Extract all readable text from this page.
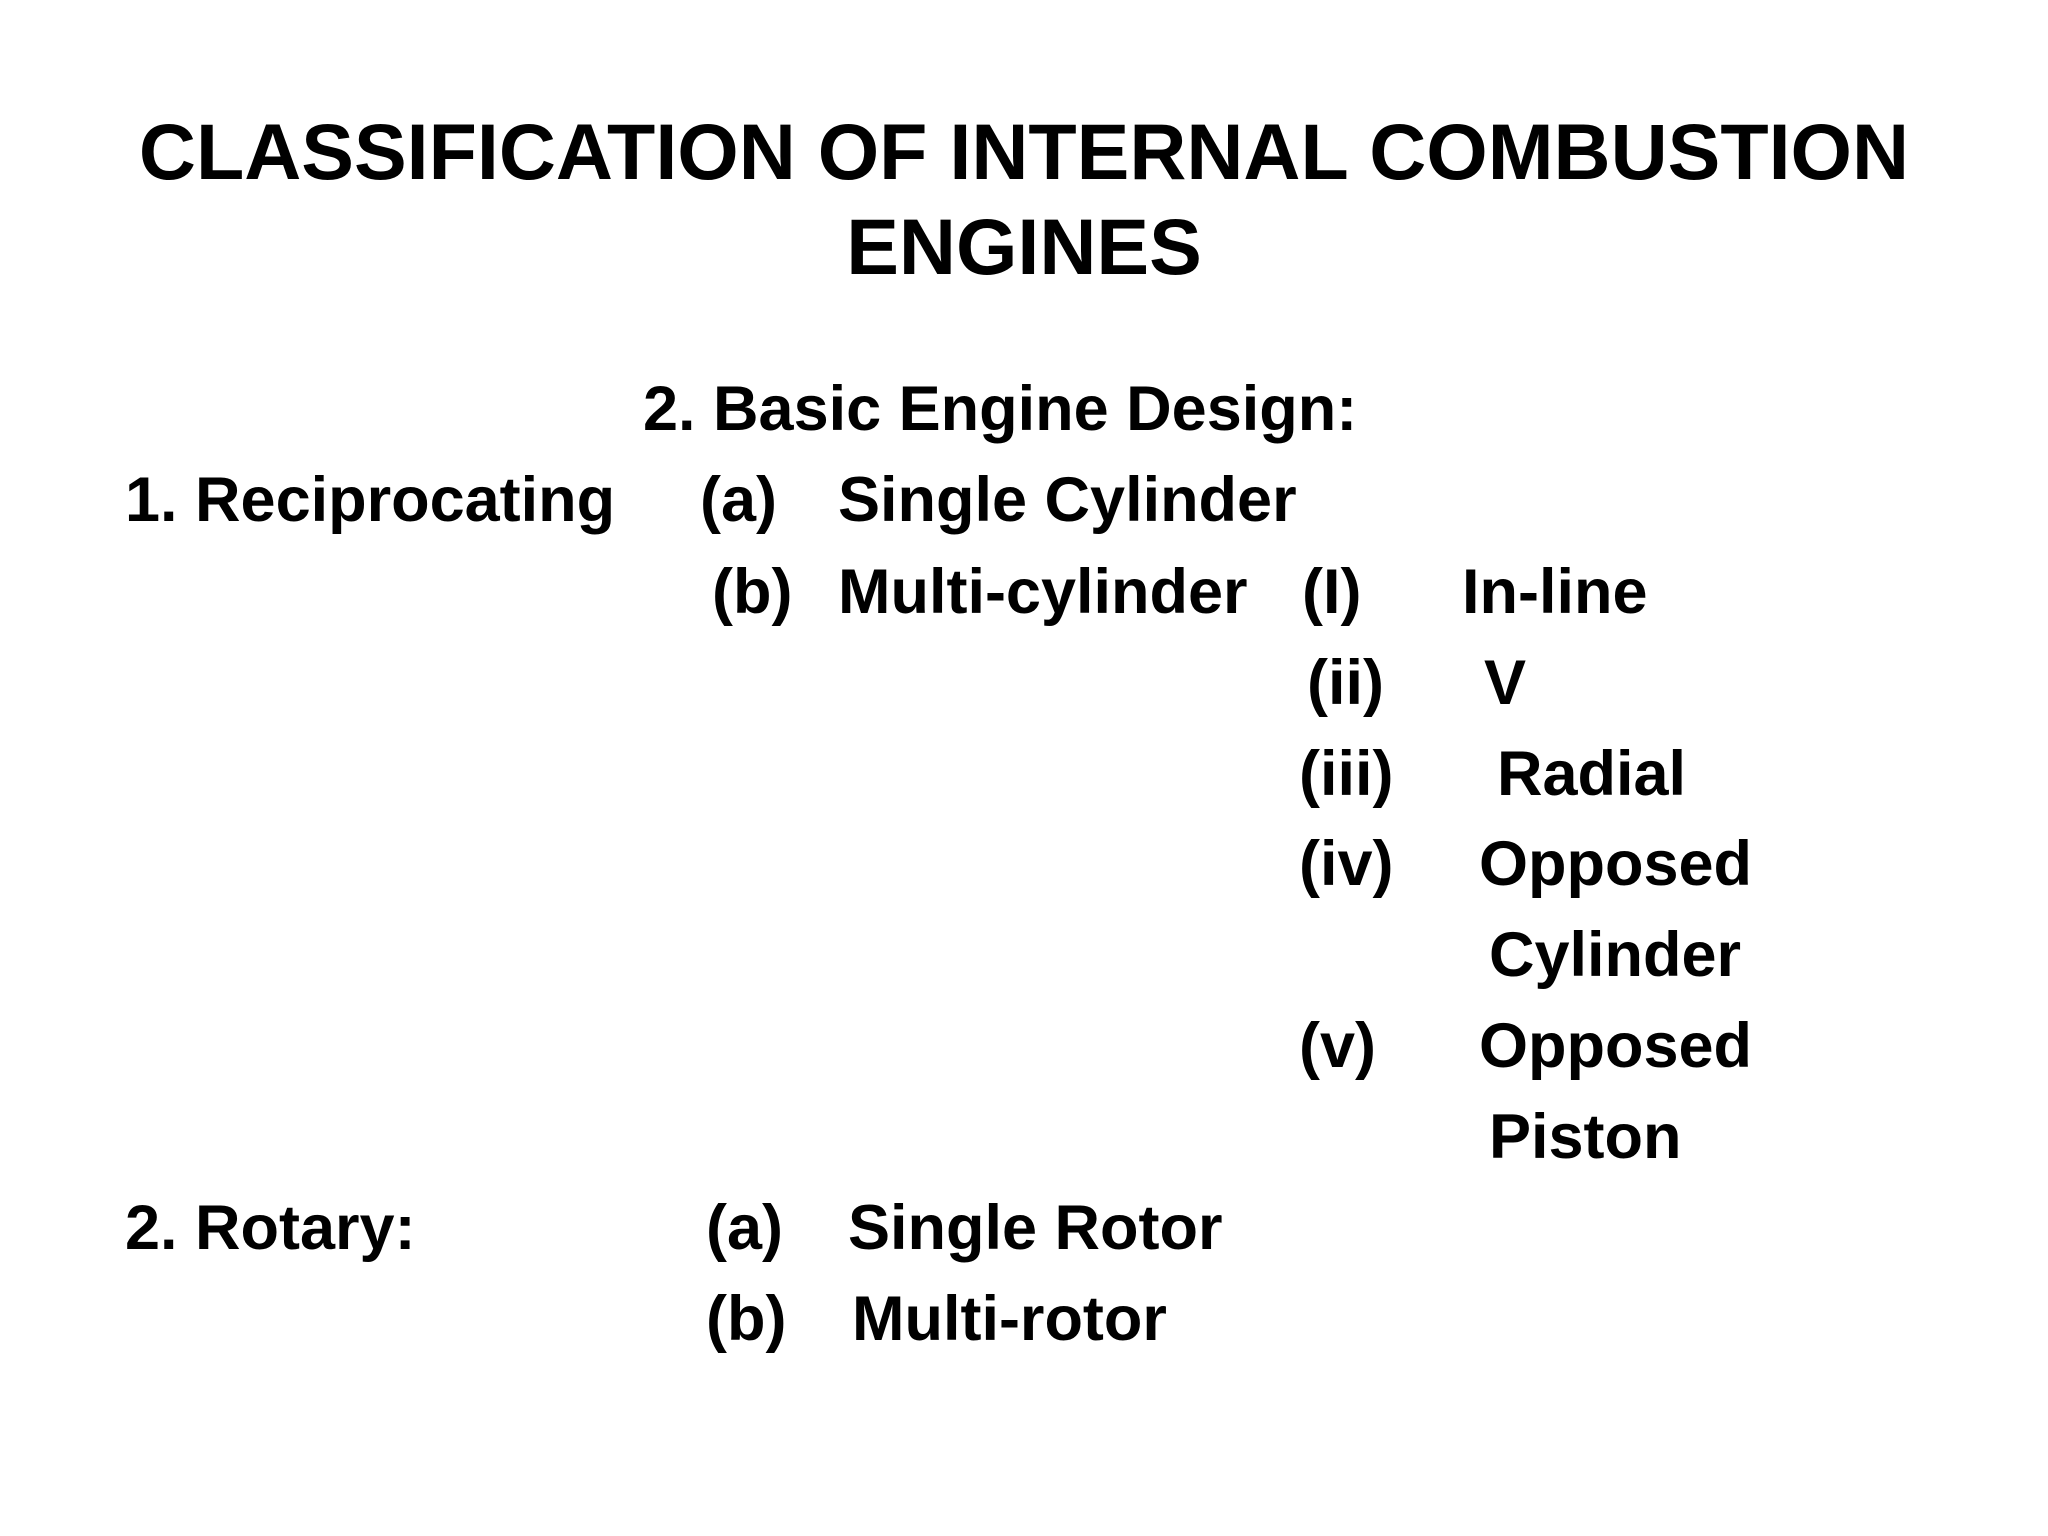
CLASSIFICATION OF INTERNAL COMBUSTION
ENGINES
2. Basic Engine Design:
1. Reciprocating (a) Single Cylinder
(b) Multi-cylinder (I) In-line
(ii) V
(iii) Radial
(iv) Opposed
Cylinder
(v) Opposed
Piston
2. Rotary:	(a) Single Rotor
(b) Multi-rotor
